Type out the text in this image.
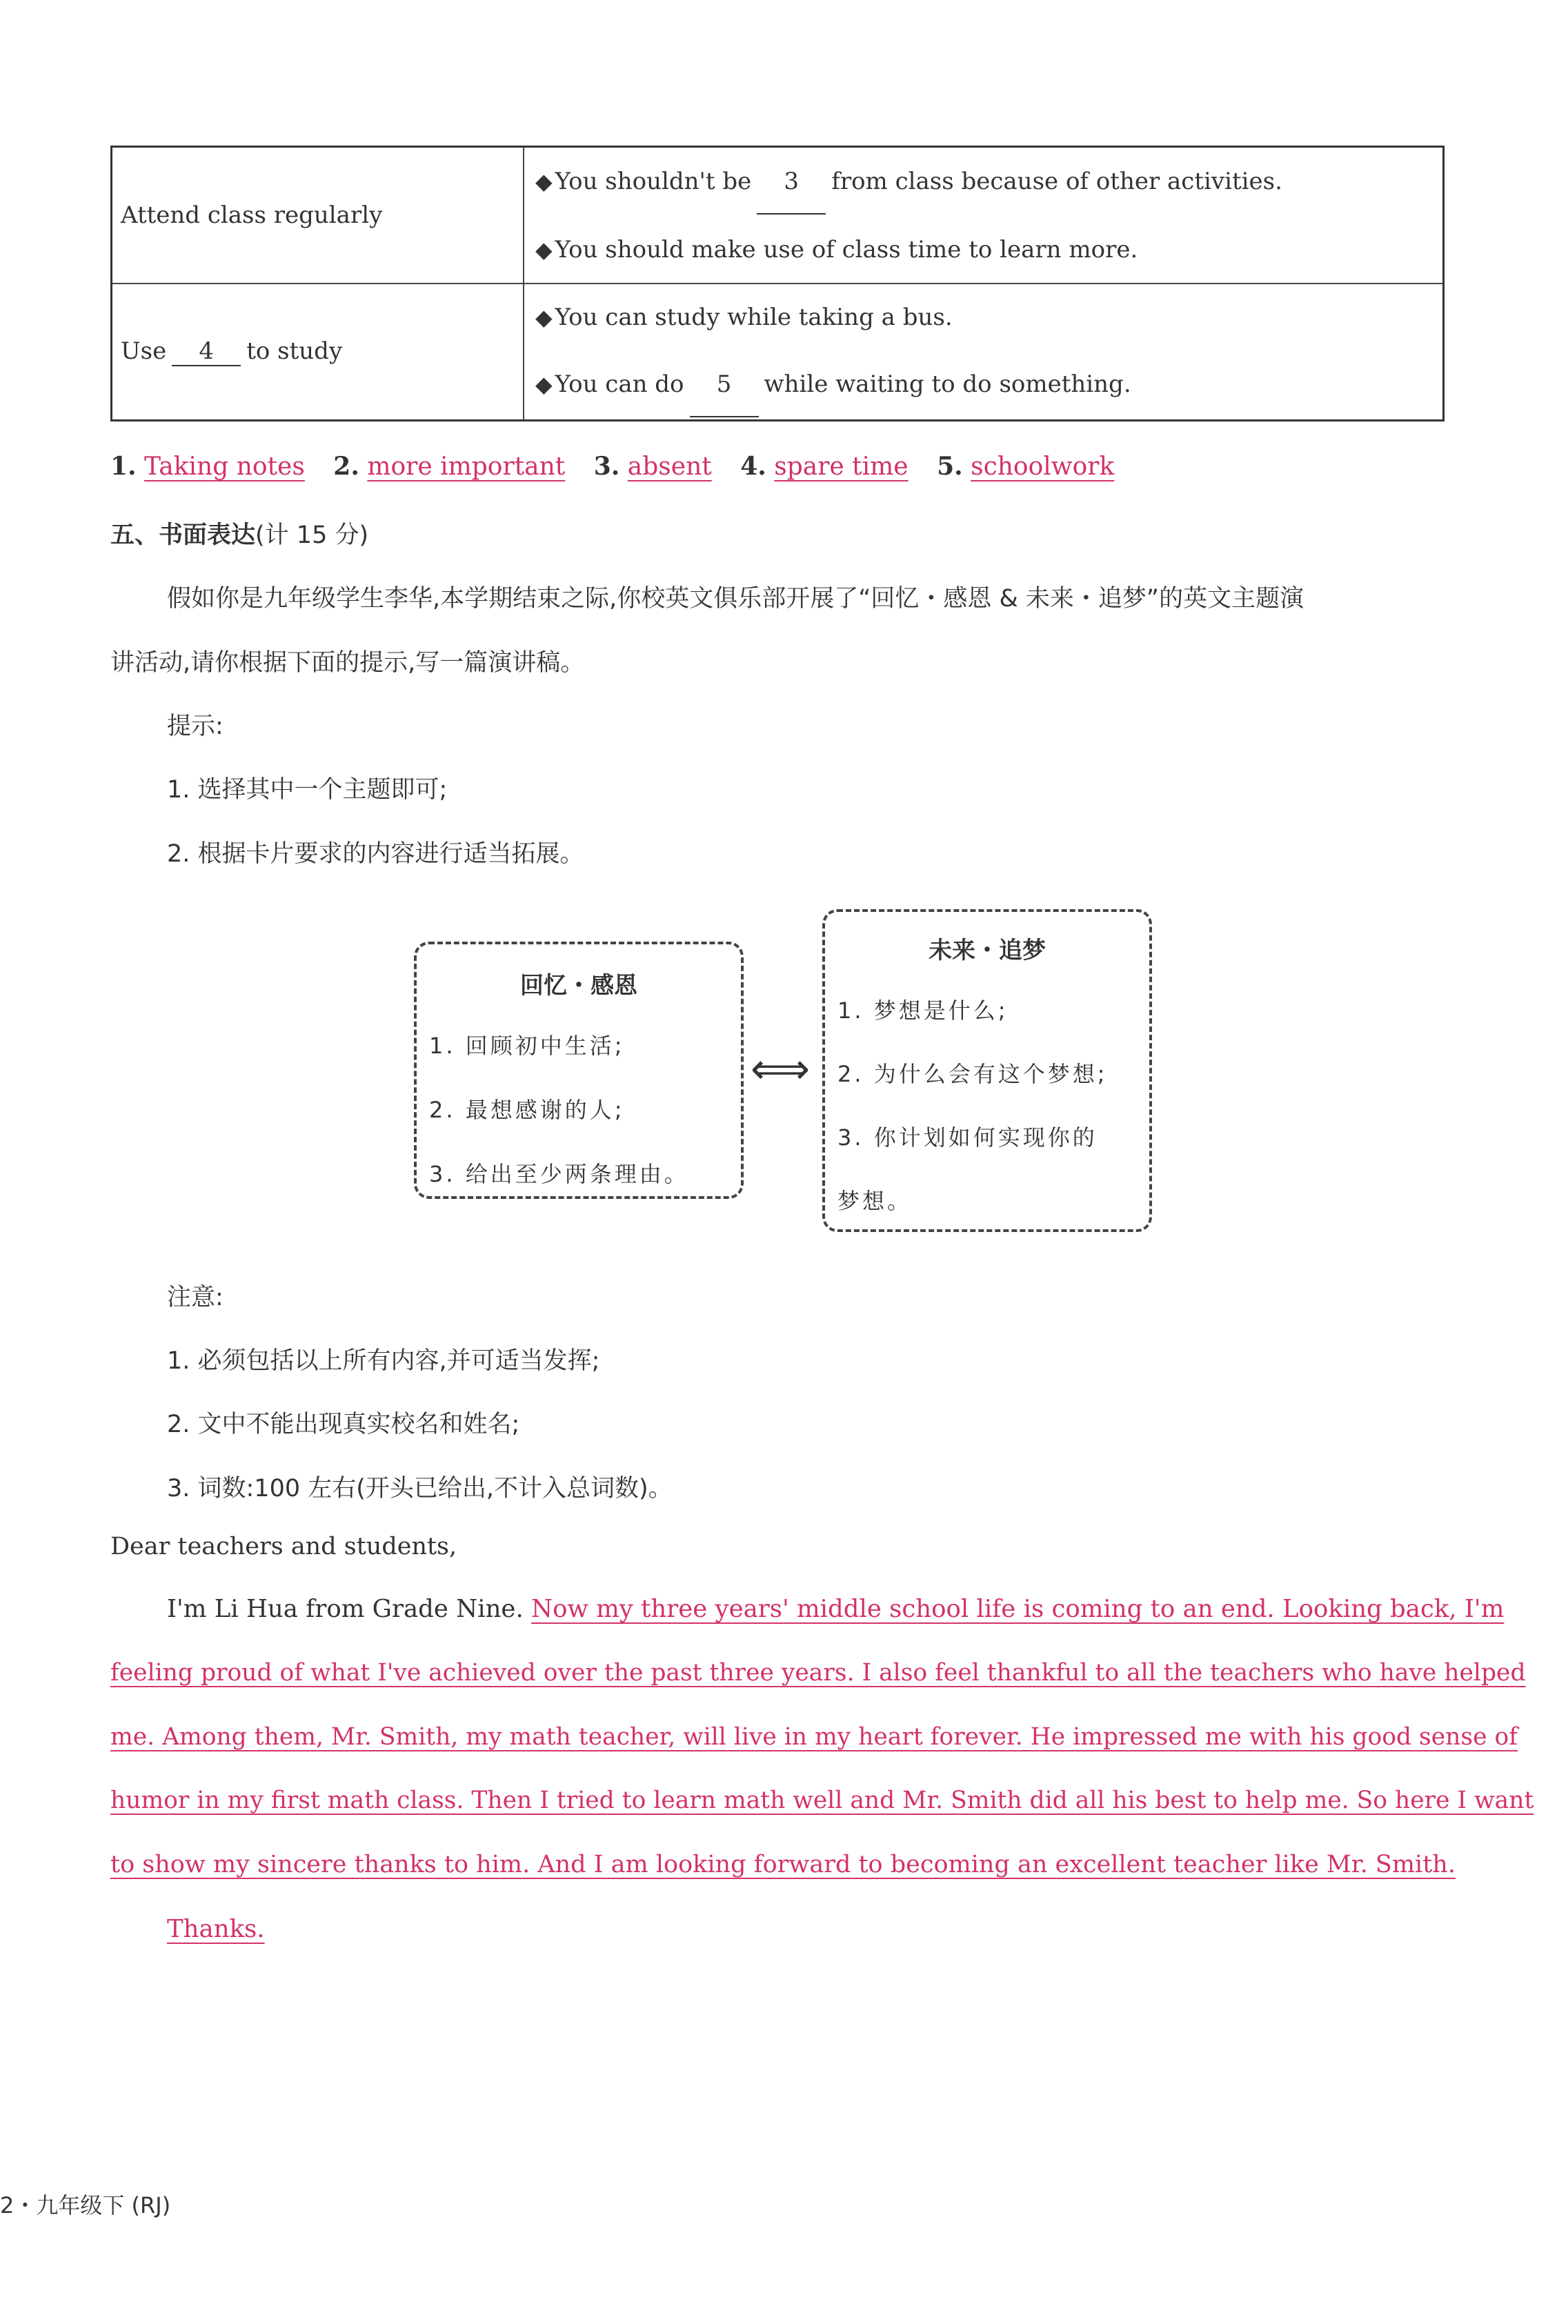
Attend class regularly	◆ You shouldn't be 3 from class because of other activities.
	◆ You should make use of class time to learn more.
Use 4 to study	◆ You can study while taking a bus.
	◆ You can do 5 while waiting to do something.
1. Taking notes 2. more important 3. absent 4. spare time 5. schoolwork
五、书面表达(计 15 分)
假如你是九年级学生李华,本学期结束之际,你校英文俱乐部开展了“回忆・感恩 & 未来・追梦”的英文主题演
讲活动,请你根据下面的提示,写一篇演讲稿。
提示:
1. 选择其中一个主题即可;
2. 根据卡片要求的内容进行适当拓展。
回忆・感恩
1. 回顾初中生活;
2. 最想感谢的人;
3. 给出至少两条理由。
⟺
未来・追梦
1. 梦想是什么;
2. 为什么会有这个梦想;
3. 你计划如何实现你的
梦想。
注意:
1. 必须包括以上所有内容,并可适当发挥;
2. 文中不能出现真实校名和姓名;
3. 词数:100 左右(开头已给出,不计入总词数)。
Dear teachers and students,
I'm Li Hua from Grade Nine. Now my three years' middle school life is coming to an end. Looking back, I'm
feeling proud of what I've achieved over the past three years. I also feel thankful to all the teachers who have helped
me. Among them, Mr. Smith, my math teacher, will live in my heart forever. He impressed me with his good sense of
humor in my first math class. Then I tried to learn math well and Mr. Smith did all his best to help me. So here I want
to show my sincere thanks to him. And I am looking forward to becoming an excellent teacher like Mr. Smith.
Thanks.
2・九年级下 (RJ)
